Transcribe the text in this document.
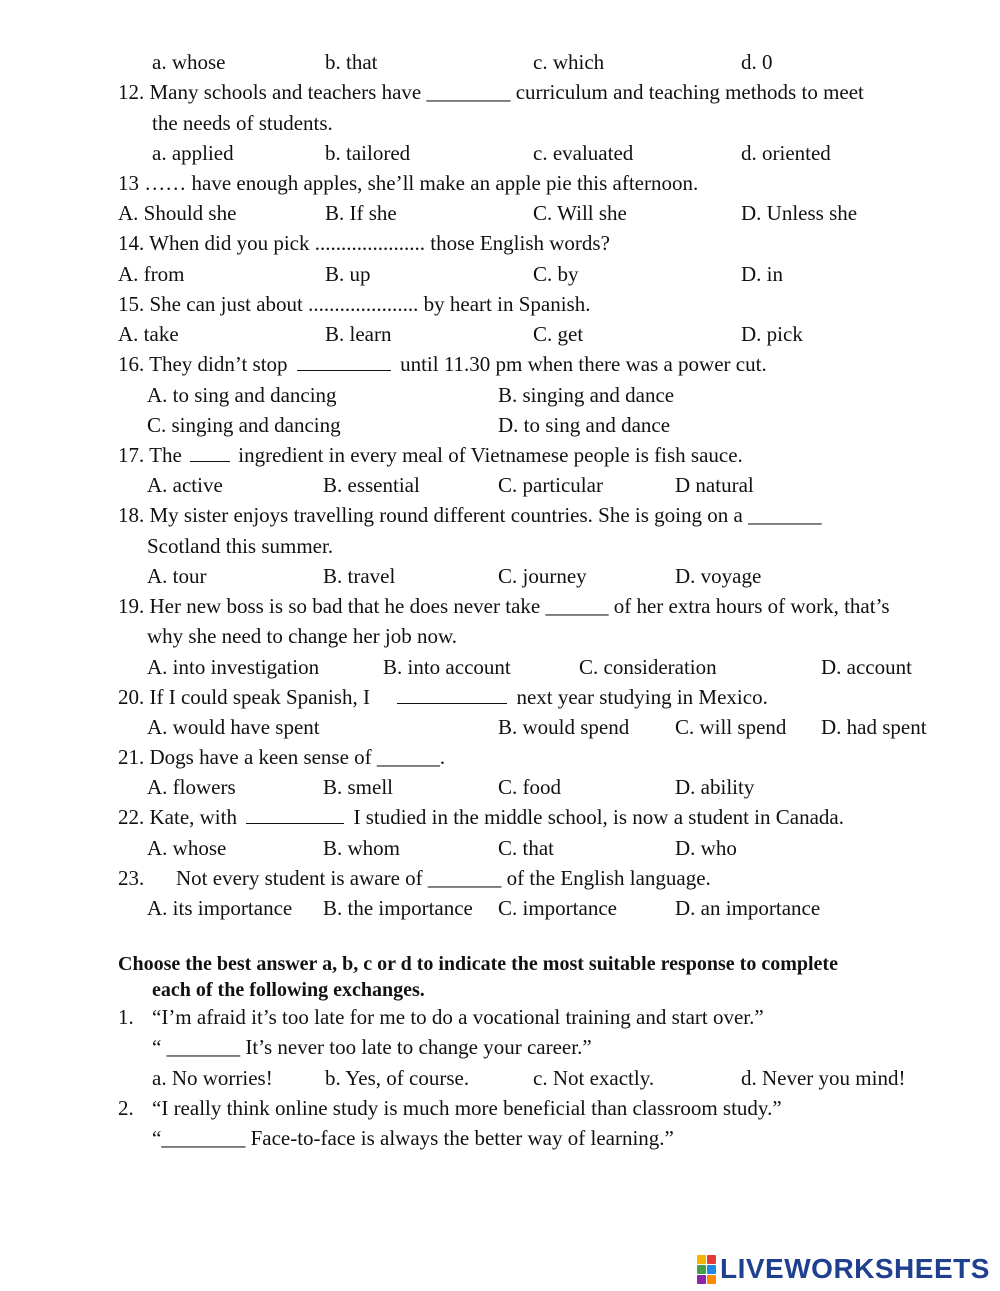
a. whose	b. that	c. which	d. 0
12. Many schools and teachers have ________ curriculum and teaching methods to meet
the needs of students.
a. applied	b. tailored	c. evaluated	d. oriented
13 …… have enough apples, she’ll make an apple pie this afternoon.
A. Should she	B. If she	C. Will she	D. Unless she
14. When did you pick ..................... those English words?
A. from	B. up	C. by	D. in
15. She can just about ..................... by heart in Spanish.
A. take	B. learn	C. get	D. pick
16. They didn’t stop	until 11.30 pm when there was a power cut.
A. to sing and dancing	B. singing and dance
C. singing and dancing	D. to sing and dance
17. The	ingredient in every meal of Vietnamese people is fish sauce.
A. active	B. essential	C. particular	D natural
18. My sister enjoys travelling round different countries. She is going on a _______
Scotland this summer.
A. tour	B. travel	C. journey	D. voyage
19. Her new boss is so bad that he does never take ______ of her extra hours of work, that’s
why she need to change her job now.
A. into investigation	B. into account	C. consideration	D. account
20. If I could speak Spanish, I	next year studying in Mexico.
A. would have spent	B. would spend C. will spend D. had spent
21. Dogs have a keen sense of ______.
A. flowers	B. smell	C. food	D. ability
22. Kate, with	I studied in the middle school, is now a student in Canada.
A. whose	B. whom	C. that	D. who
23. Not every student is aware of _______ of the English language.
A. its importance B. the importance C. importance	D. an importance
Choose the best answer a, b, c or d to indicate the most suitable response to complete
each of the following exchanges.
1. “I’m afraid it’s too late for me to do a vocational training and start over.”
“ _______ It’s never too late to change your career.”
a. No worries! b. Yes, of course.	c. Not exactly.	d. Never you mind!
2. “I really think online study is much more beneficial than classroom study.”
“________ Face-to-face is always the better way of learning.”
LIVEWORKSHEETS
